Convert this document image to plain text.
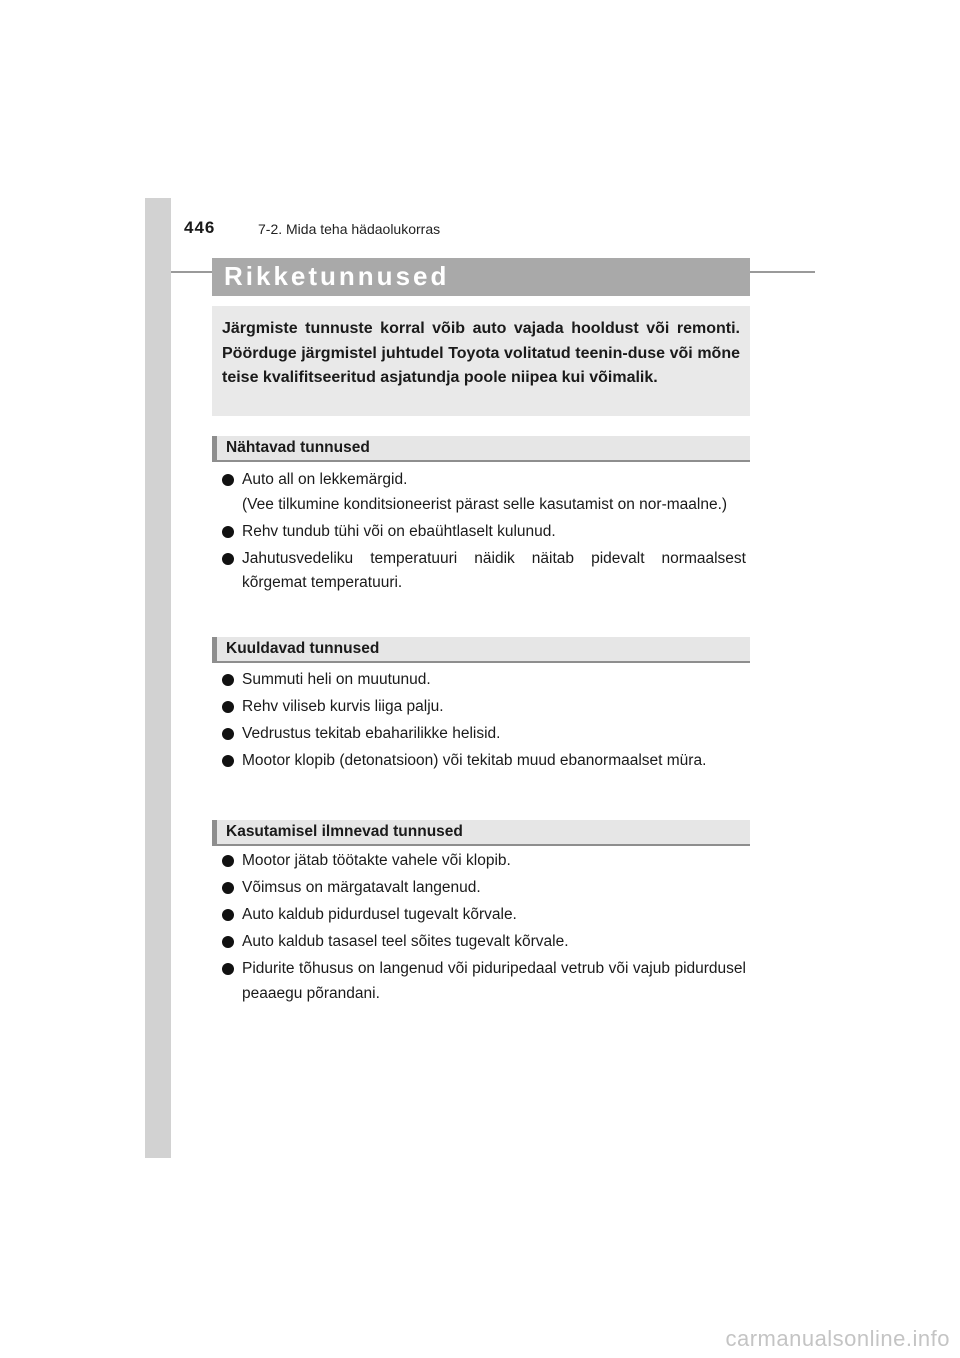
446	7-2. Mida teha hädaolukorras
Rikketunnused
Järgmiste tunnuste korral võib auto vajada hooldust või remonti. Pöörduge järgmistel juhtudel Toyota volitatud teenin-duse või mõne teise kvalifitseeritud asjatundja poole niipea kui võimalik.
Nähtavad tunnused
Auto all on lekkemärgid.
(Vee tilkumine konditsioneerist pärast selle kasutamist on nor-maalne.)
Rehv tundub tühi või on ebaühtlaselt kulunud.
Jahutusvedeliku temperatuuri näidik näitab pidevalt normaalsest kõrgemat temperatuuri.
Kuuldavad tunnused
Summuti heli on muutunud.
Rehv viliseb kurvis liiga palju.
Vedrustus tekitab ebaharilikke helisid.
Mootor klopib (detonatsioon) või tekitab muud ebanormaalset müra.
Kasutamisel ilmnevad tunnused
Mootor jätab töötakte vahele või klopib.
Võimsus on märgatavalt langenud.
Auto kaldub pidurdusel tugevalt kõrvale.
Auto kaldub tasasel teel sõites tugevalt kõrvale.
Pidurite tõhusus on langenud või piduripedaal vetrub või vajub pidurdusel peaaegu põrandani.
carmanualsonline.info
